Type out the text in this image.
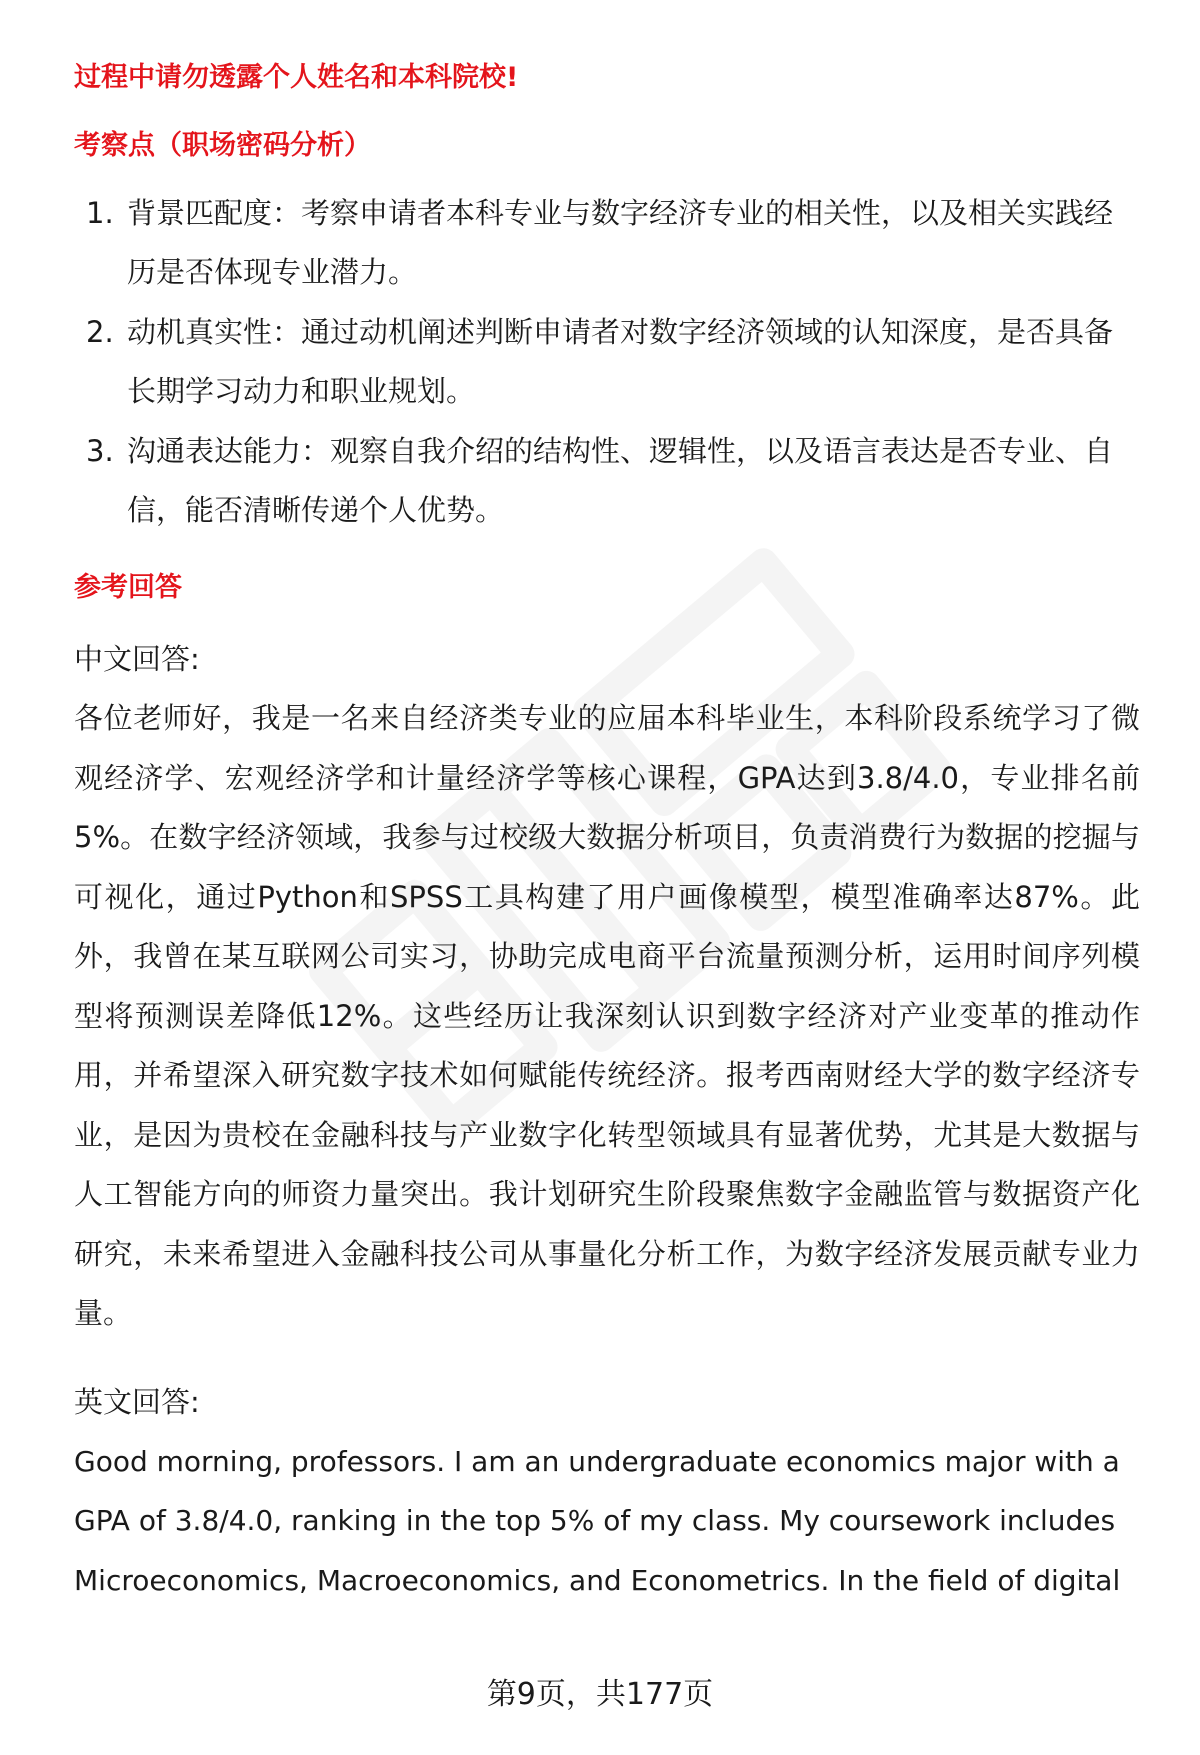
过程中请勿透露个人姓名和本科院校!

考察点（职场密码分析）

1. 背景匹配度：考察申请者本科专业与数字经济专业的相关性，以及相关实践经历是否体现专业潜力。
2. 动机真实性：通过动机阐述判断申请者对数字经济领域的认知深度，是否具备长期学习动力和职业规划。
3. 沟通表达能力：观察自我介绍的结构性、逻辑性，以及语言表达是否专业、自信，能否清晰传递个人优势。

参考回答

中文回答:

各位老师好，我是一名来自经济类专业的应届本科毕业生，本科阶段系统学习了微观经济学、宏观经济学和计量经济学等核心课程，GPA达到3.8/4.0，专业排名前5%。在数字经济领域，我参与过校级大数据分析项目，负责消费行为数据的挖掘与可视化，通过Python和SPSS工具构建了用户画像模型，模型准确率达87%。此外，我曾在某互联网公司实习，协助完成电商平台流量预测分析，运用时间序列模型将预测误差降低12%。这些经历让我深刻认识到数字经济对产业变革的推动作用，并希望深入研究数字技术如何赋能传统经济。报考西南财经大学的数字经济专业，是因为贵校在金融科技与产业数字化转型领域具有显著优势，尤其是大数据与人工智能方向的师资力量突出。我计划研究生阶段聚焦数字金融监管与数据资产化研究，未来希望进入金融科技公司从事量化分析工作，为数字经济发展贡献专业力量。

英文回答:

Good morning, professors. I am an undergraduate economics major with a GPA of 3.8/4.0, ranking in the top 5% of my class. My coursework includes Microeconomics, Macroeconomics, and Econometrics. In the field of digital

第9页，共177页
